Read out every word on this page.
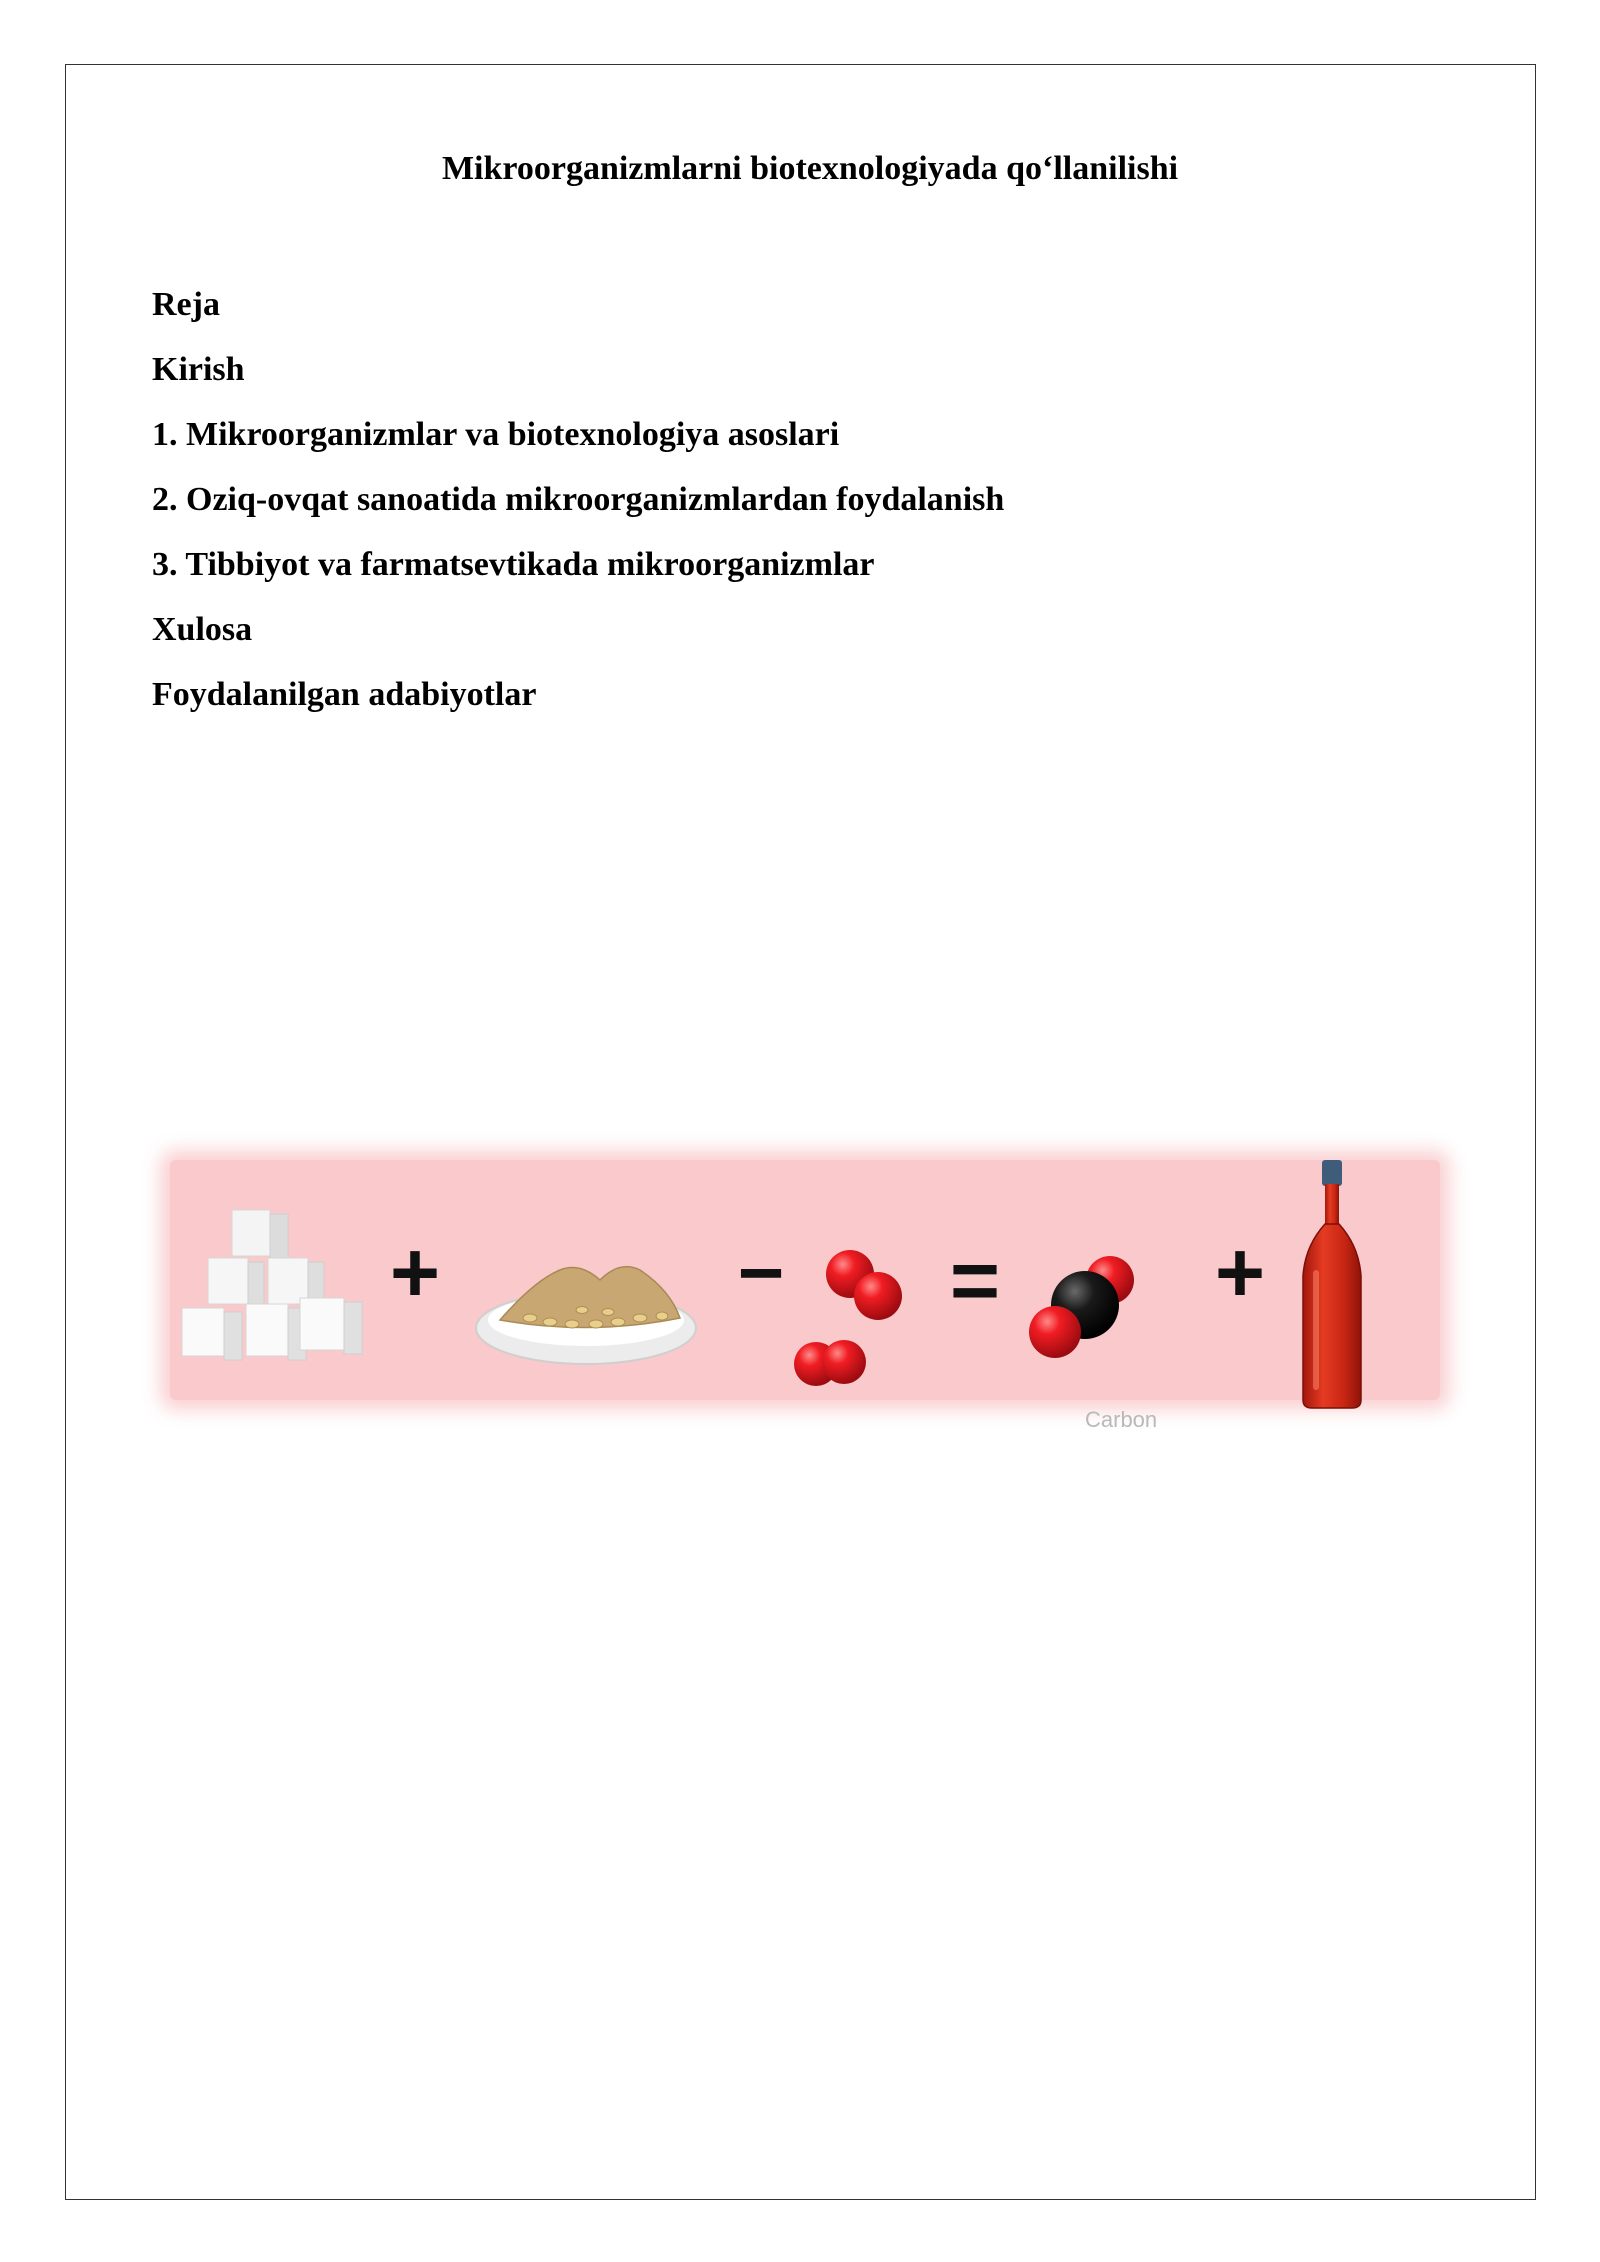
Mikroorganizmlarni biotexnologiyada qo‘llanilishi
Reja
Kirish
1. Mikroorganizmlar va biotexnologiya asoslari
2. Oziq-ovqat sanoatida mikroorganizmlardan foydalanish
3. Tibbiyot va farmatsevtikada mikroorganizmlar
Xulosa
Foydalanilgan adabiyotlar
+	− = +
Carbon
